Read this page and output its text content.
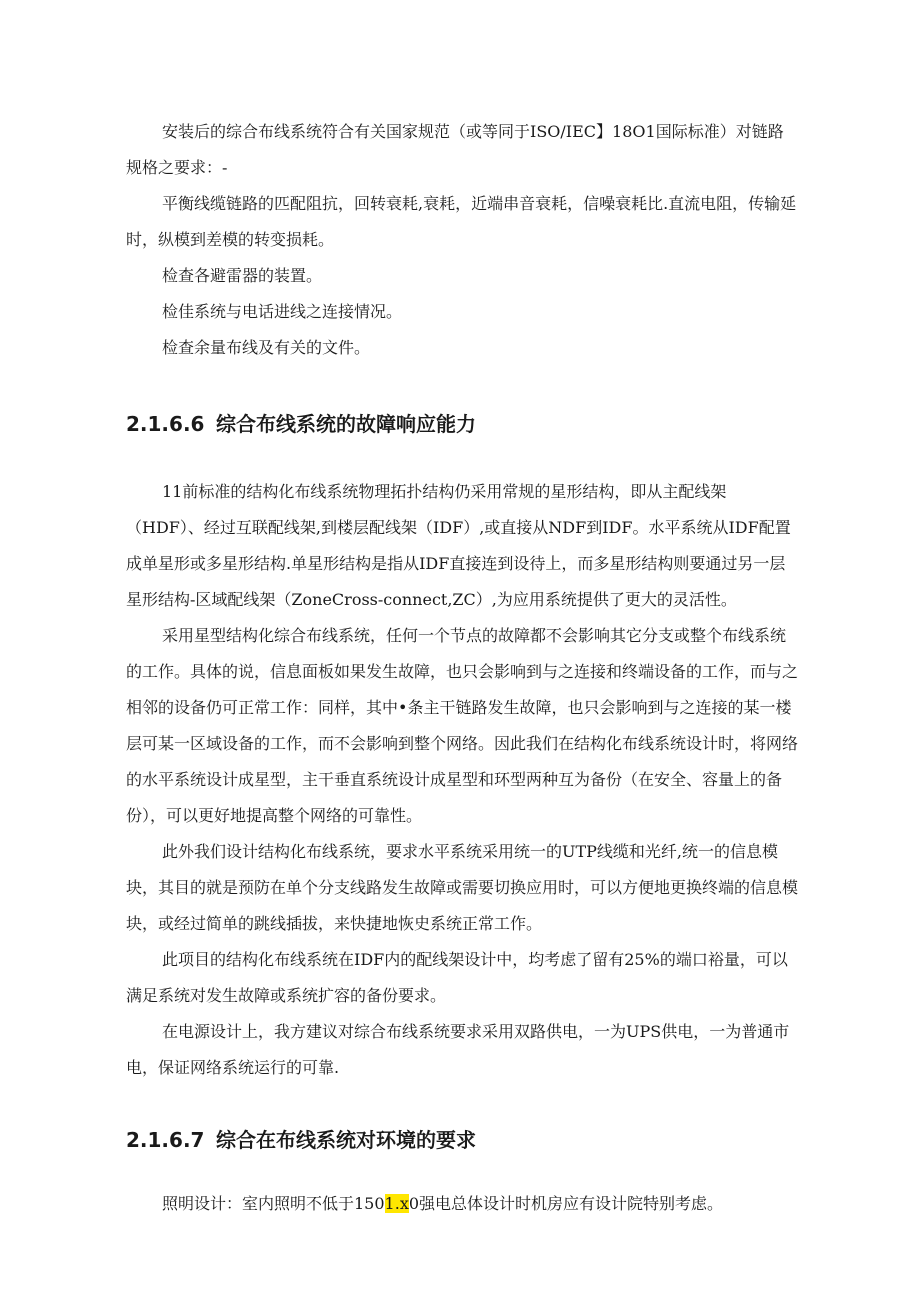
安装后的综合布线系统符合有关国家规范（或等同于ISO/IEC】18O1国际标准）对链路规格之要求：-

平衡线缆链路的匹配阻抗，回转衰耗,衰耗，近端串音衰耗，信噪衰耗比.直流电阻，传输延时，纵模到差模的转变损耗。

检查各避雷器的装置。

检佳系统与电话进线之连接情况。

检查余量布线及有关的文件。

2.1.6.6 综合布线系统的故障响应能力

11前标准的结构化布线系统物理拓扑结构仍采用常规的星形结构，即从主配线架（HDF）、经过互联配线架,到楼层配线架（IDF）,或直接从NDF到IDF。水平系统从IDF配置成单星形或多星形结构.单星形结构是指从IDF直接连到设待上，而多星形结构则要通过另一层星形结构-区域配线架（ZoneCross-connect,ZC）,为应用系统提供了更大的灵活性。

采用星型结构化综合布线系统，任何一个节点的故障都不会影响其它分支或整个布线系统的工作。具体的说，信息面板如果发生故障，也只会影响到与之连接和终端设备的工作，而与之相邻的设备仍可正常工作：同样，其中•条主干链路发生故障，也只会影响到与之连接的某一楼层可某一区域设备的工作，而不会影响到整个网络。因此我们在结构化布线系统设计时，将网络的水平系统设计成星型，主干垂直系统设计成星型和环型两种互为备份（在安全、容量上的备份），可以更好地提高整个网络的可靠性。

此外我们设计结构化布线系统，要求水平系统采用统一的UTP线缆和光纤,统一的信息模块，其目的就是预防在单个分支线路发生故障或需要切换应用时，可以方便地更换终端的信息模块，或经过简单的跳线插拔，来快捷地恢史系统正常工作。

此项目的结构化布线系统在IDF内的配线架设计中，均考虑了留有25%的端口裕量，可以满足系统对发生故障或系统扩容的备份要求。

在电源设计上，我方建议对综合布线系统要求采用双路供电，一为UPS供电，一为普通市电，保证网络系统运行的可靠.

2.1.6.7 综合在布线系统对环境的要求

照明设计：室内照明不低于1501.x0强电总体设计时机房应有设计院特别考虑。
